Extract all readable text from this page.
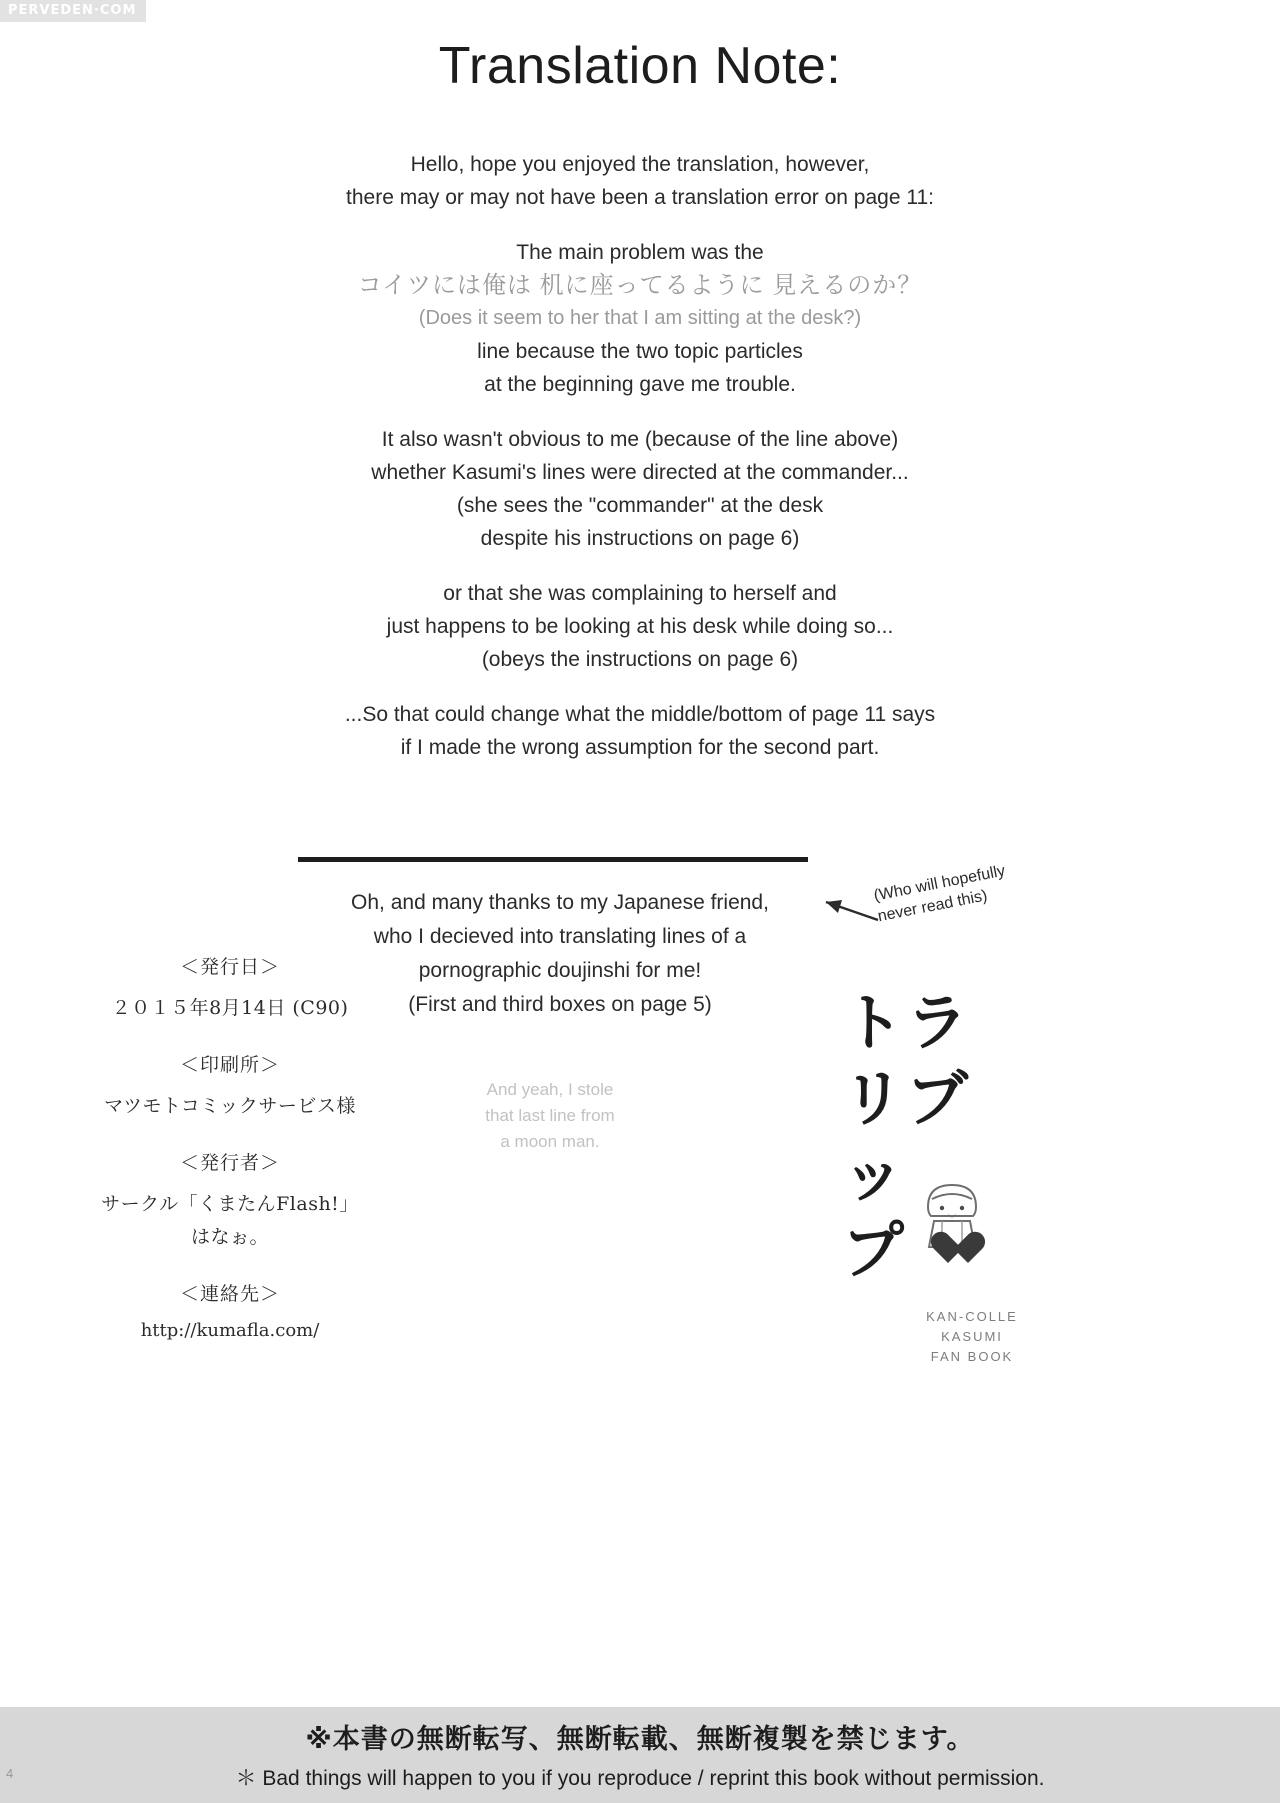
PERVEDEN·COM
Translation Note:

Hello, hope you enjoyed the translation, however,

there may or may not have been a translation error on page 11:

The main problem was the

コイツには俺は 机に座ってるように 見えるのか？

(Does it seem to her that I am sitting at the desk?)

line because the two topic particles

at the beginning gave me trouble.

It also wasn't obvious to me (because of the line above)

whether Kasumi's lines were directed at the commander...

(she sees the "commander" at the desk

despite his instructions on page 6)

or that she was complaining to herself and

just happens to be looking at his desk while doing so...

(obeys the instructions on page 6)

...So that could change what the middle/bottom of page 11 says

if I made the wrong assumption for the second part.

Oh, and many thanks to my Japanese friend,

who I decieved into translating lines of a

pornographic doujinshi for me!

(First and third boxes on page 5)

(Who will hopefully never read this)
And yeah, I stole
that last line from
a moon man.

＜発行日＞

２０１５年8月14日 (C90)

＜印刷所＞

マツモトコミックサービス様

＜発行者＞

サークル「くまたんFlash!」

はなぉ。

＜連絡先＞

http://kumafla.com/

トラ
リブ
ッ
プ
KAN-COLLE
KASUMI
FAN BOOK
※本書の無断転写、無断転載、無断複製を禁じます。
＊ Bad things will happen to you if you reproduce / reprint this book without permission.
4
